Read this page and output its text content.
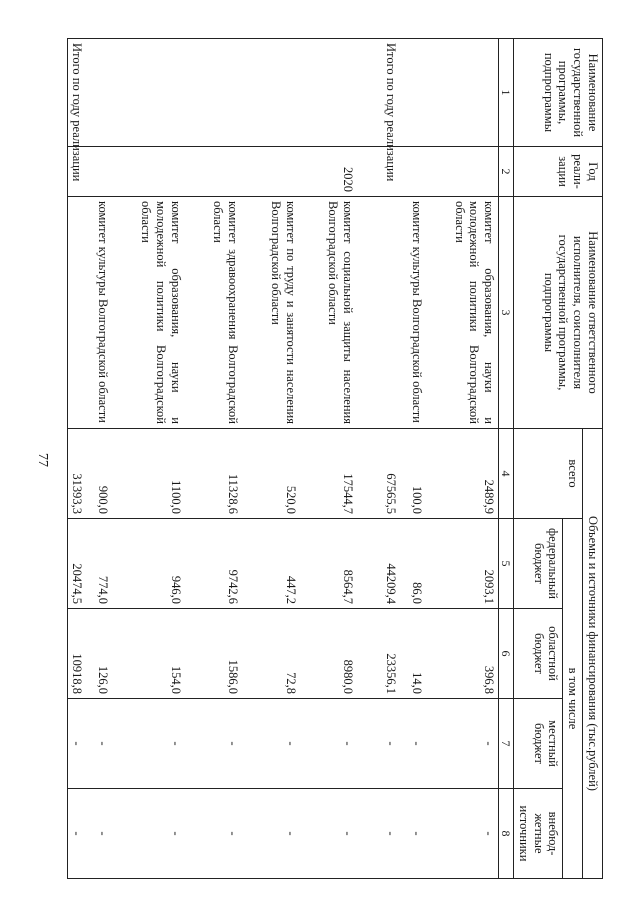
77
Наименование государственной программы, подпрограммы	Год реали-зации	Наименование ответственного исполнителя, соисполнителя государственной программы, подпрограммы	Объемы и источники финансирования (тыс.рублей)				
			всего	в том числе			
				федеральный бюджет	областной бюджет	местный бюджет	внебюд-жетные источники
1	2	3	4	5	6	7	8
		комитет образования, науки и молодежной политики Волгоградской области	2489,9	2093,1	396,8	-	-

		комитет культуры Волгоградской области	100,0	86,0	14,0	-	-
Итого по году реализации			67565,5	44209,4	23356,1	-	-

	2020	комитет социальной защиты населения Волгоградской области	17544,7	8564,7	8980,0	-	-

		комитет по труду и занятости населения Волгоградской области	520,0	447,2	72,8	-	-

		комитет здравоохранения Волгоградской области	11328,6	9742,6	1586,0	-	-

		комитет образования, науки и молодежной политики Волгоградской области	1100,0	946,0	154,0	-	-

		комитет культуры Волгоградской области	900,0	774,0	126,0	-	-
Итого по году реализации			31393,3	20474,5	10918,8	-	-
